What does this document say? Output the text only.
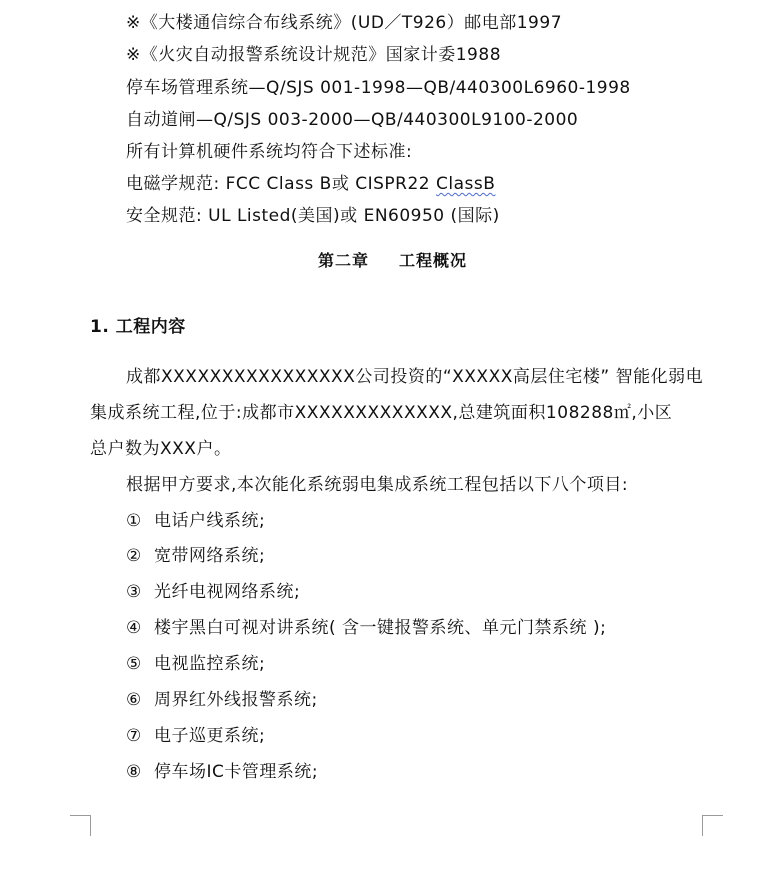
※《大楼通信综合布线系统》(UD／T926）邮电部1997
※《火灾自动报警系统设计规范》国家计委1988
停车场管理系统—Q/SJS 001-1998—QB/440300L6960-1998
自动道闸—Q/SJS 003-2000—QB/440300L9100-2000
所有计算机硬件系统均符合下述标准:
电磁学规范: FCC Class B或 CISPR22 ClassB
安全规范: UL Listed(美国)或 EN60950 (国际)
第二章 工程概况
1. 工程内容
成都XXXXXXXXXXXXXXXX公司投资的“XXXXX高层住宅楼” 智能化弱电
集成系统工程,位于:成都市XXXXXXXXXXXXX,总建筑面积108288㎡,小区
总户数为XXX户。
根据甲方要求,本次能化系统弱电集成系统工程包括以下八个项目:
① 电话户线系统;
② 宽带网络系统;
③ 光纤电视网络系统;
④ 楼宇黑白可视对讲系统( 含一键报警系统、单元门禁系统 );
⑤ 电视监控系统;
⑥ 周界红外线报警系统;
⑦ 电子巡更系统;
⑧ 停车场IC卡管理系统;
